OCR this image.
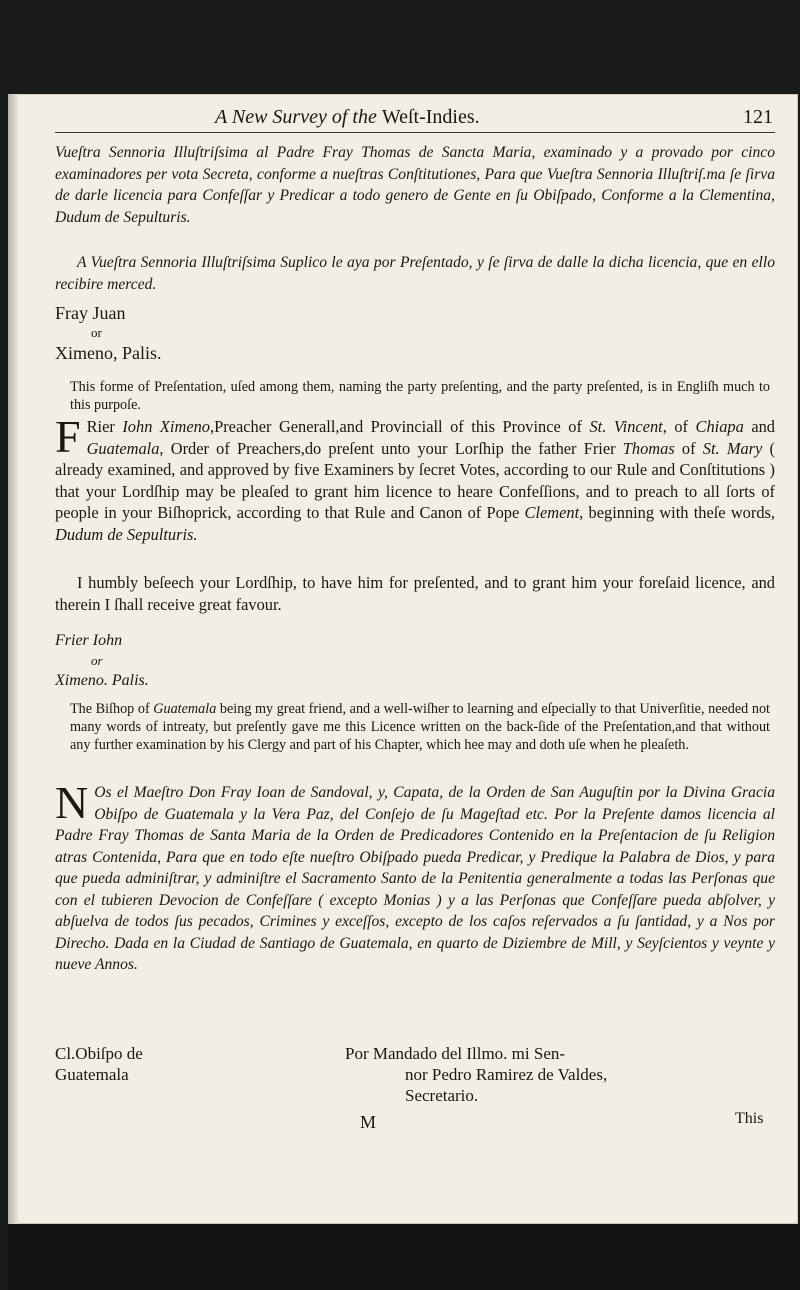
A New Survey of the Weſt-Indies.	121
Vueſtra Sennoria Illuſtriſsima al Padre Fray Thomas de Sancta Maria, examinado y a provado por cinco examinadores per vota Secreta, conforme a nueſtras Conſtitutiones, Para que Vueſtra Sennoria Illuſtriſ.ma ſe ſirva de darle licencia para Confeſſar y Predicar a todo genero de Gente en ſu Obiſpado, Conforme a la Clementina, Dudum de Sepulturis.
A Vueſtra Sennoria Illuſtriſsima Suplico le aya por Preſentado, y ſe ſirva de dalle la dicha licencia, que en ello recibire merced.
Fray Juan
or
Ximeno, Palis.
This forme of Preſentation, uſed among them, naming the party preſenting, and the party preſented, is in Engliſh much to this purpoſe.
F Rier Iohn Ximeno,Preacher Generall,and Provinciall of this Province of St. Vincent, of Chiapa and Guatemala, Order of Preachers,do preſent unto your Lorſhip the father Frier Thomas of St. Mary ( already examined, and approved by five Examiners by ſecret Votes, according to our Rule and Conſtitutions ) that your Lordſhip may be pleaſed to grant him licence to heare Confeſſions, and to preach to all ſorts of people in your Biſhoprick, according to that Rule and Canon of Pope Clement, beginning with theſe words, Dudum de Sepulturis.
I humbly beſeech your Lordſhip, to have him for preſented, and to grant him your foreſaid licence, and therein I ſhall receive great favour.
Frier Iohn
or
Ximeno. Palis.
The Biſhop of Guatemala being my great friend, and a well-wiſher to learning and eſpecially to that Univerſitie, needed not many words of intreaty, but preſently gave me this Licence written on the back-ſide of the Preſentation,and that without any further examination by his Clergy and part of his Chapter, which hee may and doth uſe when he pleaſeth.
N Os el Maeſtro Don Fray Ioan de Sandoval, y, Capata, de la Orden de San Auguſtin por la Divina Gracia Obiſpo de Guatemala y la Vera Paz, del Conſejo de ſu Mageſtad etc. Por la Preſente damos licencia al Padre Fray Thomas de Santa Maria de la Orden de Predicadores Contenido en la Preſentacion de ſu Religion atras Contenida, Para que en todo eſte nueſtro Obiſpado pueda Predicar, y Predique la Palabra de Dios, y para que pueda adminiſtrar, y adminiſtre el Sacramento Santo de la Penitentia generalmente a todas las Perſonas que con el tubieren Devocion de Confeſſare ( excepto Monias ) y a las Perſonas que Confeſſare pueda abſolver, y abſuelva de todos ſus pecados, Crimines y exceſſos, excepto de los caſos reſervados a ſu ſantidad, y a Nos por Direcho. Dada en la Ciudad de Santiago de Guatemala, en quarto de Diziembre de Mill, y Seyſcientos y veynte y nueve Annos.
Cl.Obiſpo de
Guatemala
Por Mandado del Illmo. mi Sen-
nor Pedro Ramirez de Valdes,
Secretario.
M	This
